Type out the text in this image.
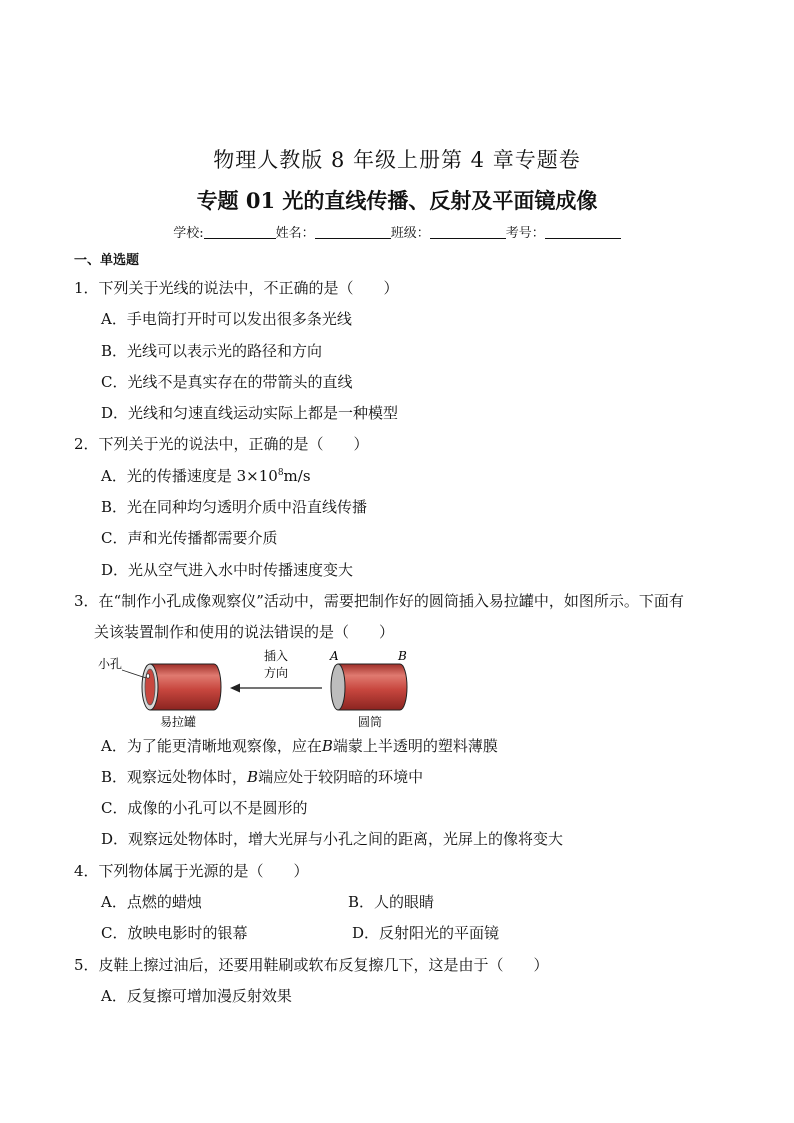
物理人教版 8 年级上册第 4 章专题卷
专题 01 光的直线传播、反射及平面镜成像
学校:	姓名：	班级：	考号：
一、单选题
1．下列关于光线的说法中，不正确的是（　　）
A．手电筒打开时可以发出很多条光线
B．光线可以表示光的路径和方向
C．光线不是真实存在的带箭头的直线
D．光线和匀速直线运动实际上都是一种模型
2．下列关于光的说法中，正确的是（　　）
A．光的传播速度是 $3\times 10^8m/s$
B．光在同种均匀透明介质中沿直线传播
C．声和光传播都需要介质
D．光从空气进入水中时传播速度变大
3．在“制作小孔成像观察仪”活动中，需要把制作好的圆筒插入易拉罐中，如图所示。下面有
关该装置制作和使用的说法错误的是（　　）
小孔
插入
方向
A	B
易拉罐	圆筒
A．为了能更清晰地观察像，应在B端蒙上半透明的塑料薄膜
B．观察远处物体时，B端应处于较阴暗的环境中
C．成像的小孔可以不是圆形的
D．观察远处物体时，增大光屏与小孔之间的距离，光屏上的像将变大
4．下列物体属于光源的是（　　）
A．点燃的蜡烛	B．人的眼睛
C．放映电影时的银幕	D．反射阳光的平面镜
5．皮鞋上擦过油后，还要用鞋刷或软布反复擦几下，这是由于（　　）
A．反复擦可增加漫反射效果
